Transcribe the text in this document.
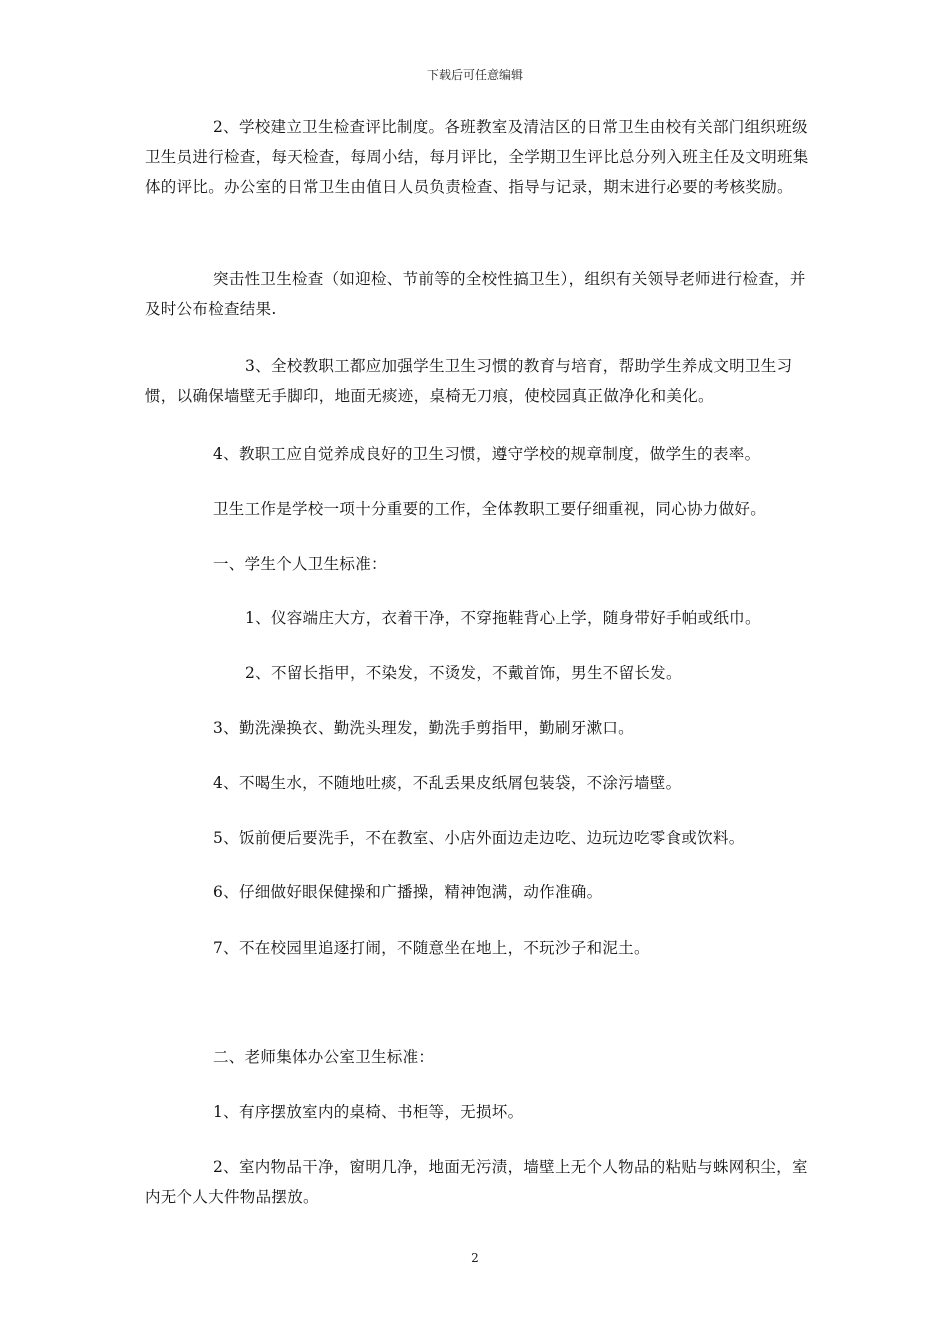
下载后可任意编辑

2、学校建立卫生检查评比制度。各班教室及清洁区的日常卫生由校有关部门组织班级卫生员进行检查，每天检查，每周小结，每月评比，全学期卫生评比总分列入班主任及文明班集体的评比。办公室的日常卫生由值日人员负责检查、指导与记录，期末进行必要的考核奖励。

突击性卫生检查（如迎检、节前等的全校性搞卫生），组织有关领导老师进行检查，并及时公布检查结果.

3、全校教职工都应加强学生卫生习惯的教育与培育，帮助学生养成文明卫生习惯，以确保墙壁无手脚印，地面无痰迹，桌椅无刀痕，使校园真正做净化和美化。

4、教职工应自觉养成良好的卫生习惯，遵守学校的规章制度，做学生的表率。

卫生工作是学校一项十分重要的工作，全体教职工要仔细重视，同心协力做好。

一、学生个人卫生标准：

1、仪容端庄大方，衣着干净，不穿拖鞋背心上学，随身带好手帕或纸巾。

2、不留长指甲，不染发，不烫发，不戴首饰，男生不留长发。

3、勤洗澡换衣、勤洗头理发，勤洗手剪指甲，勤刷牙漱口。

4、不喝生水，不随地吐痰，不乱丢果皮纸屑包装袋，不涂污墙壁。

5、饭前便后要洗手，不在教室、小店外面边走边吃、边玩边吃零食或饮料。

6、仔细做好眼保健操和广播操，精神饱满，动作准确。

7、不在校园里追逐打闹，不随意坐在地上，不玩沙子和泥土。

二、老师集体办公室卫生标准：

1、有序摆放室内的桌椅、书柜等，无损坏。

2、室内物品干净，窗明几净，地面无污渍，墙壁上无个人物品的粘贴与蛛网积尘，室内无个人大件物品摆放。

2
